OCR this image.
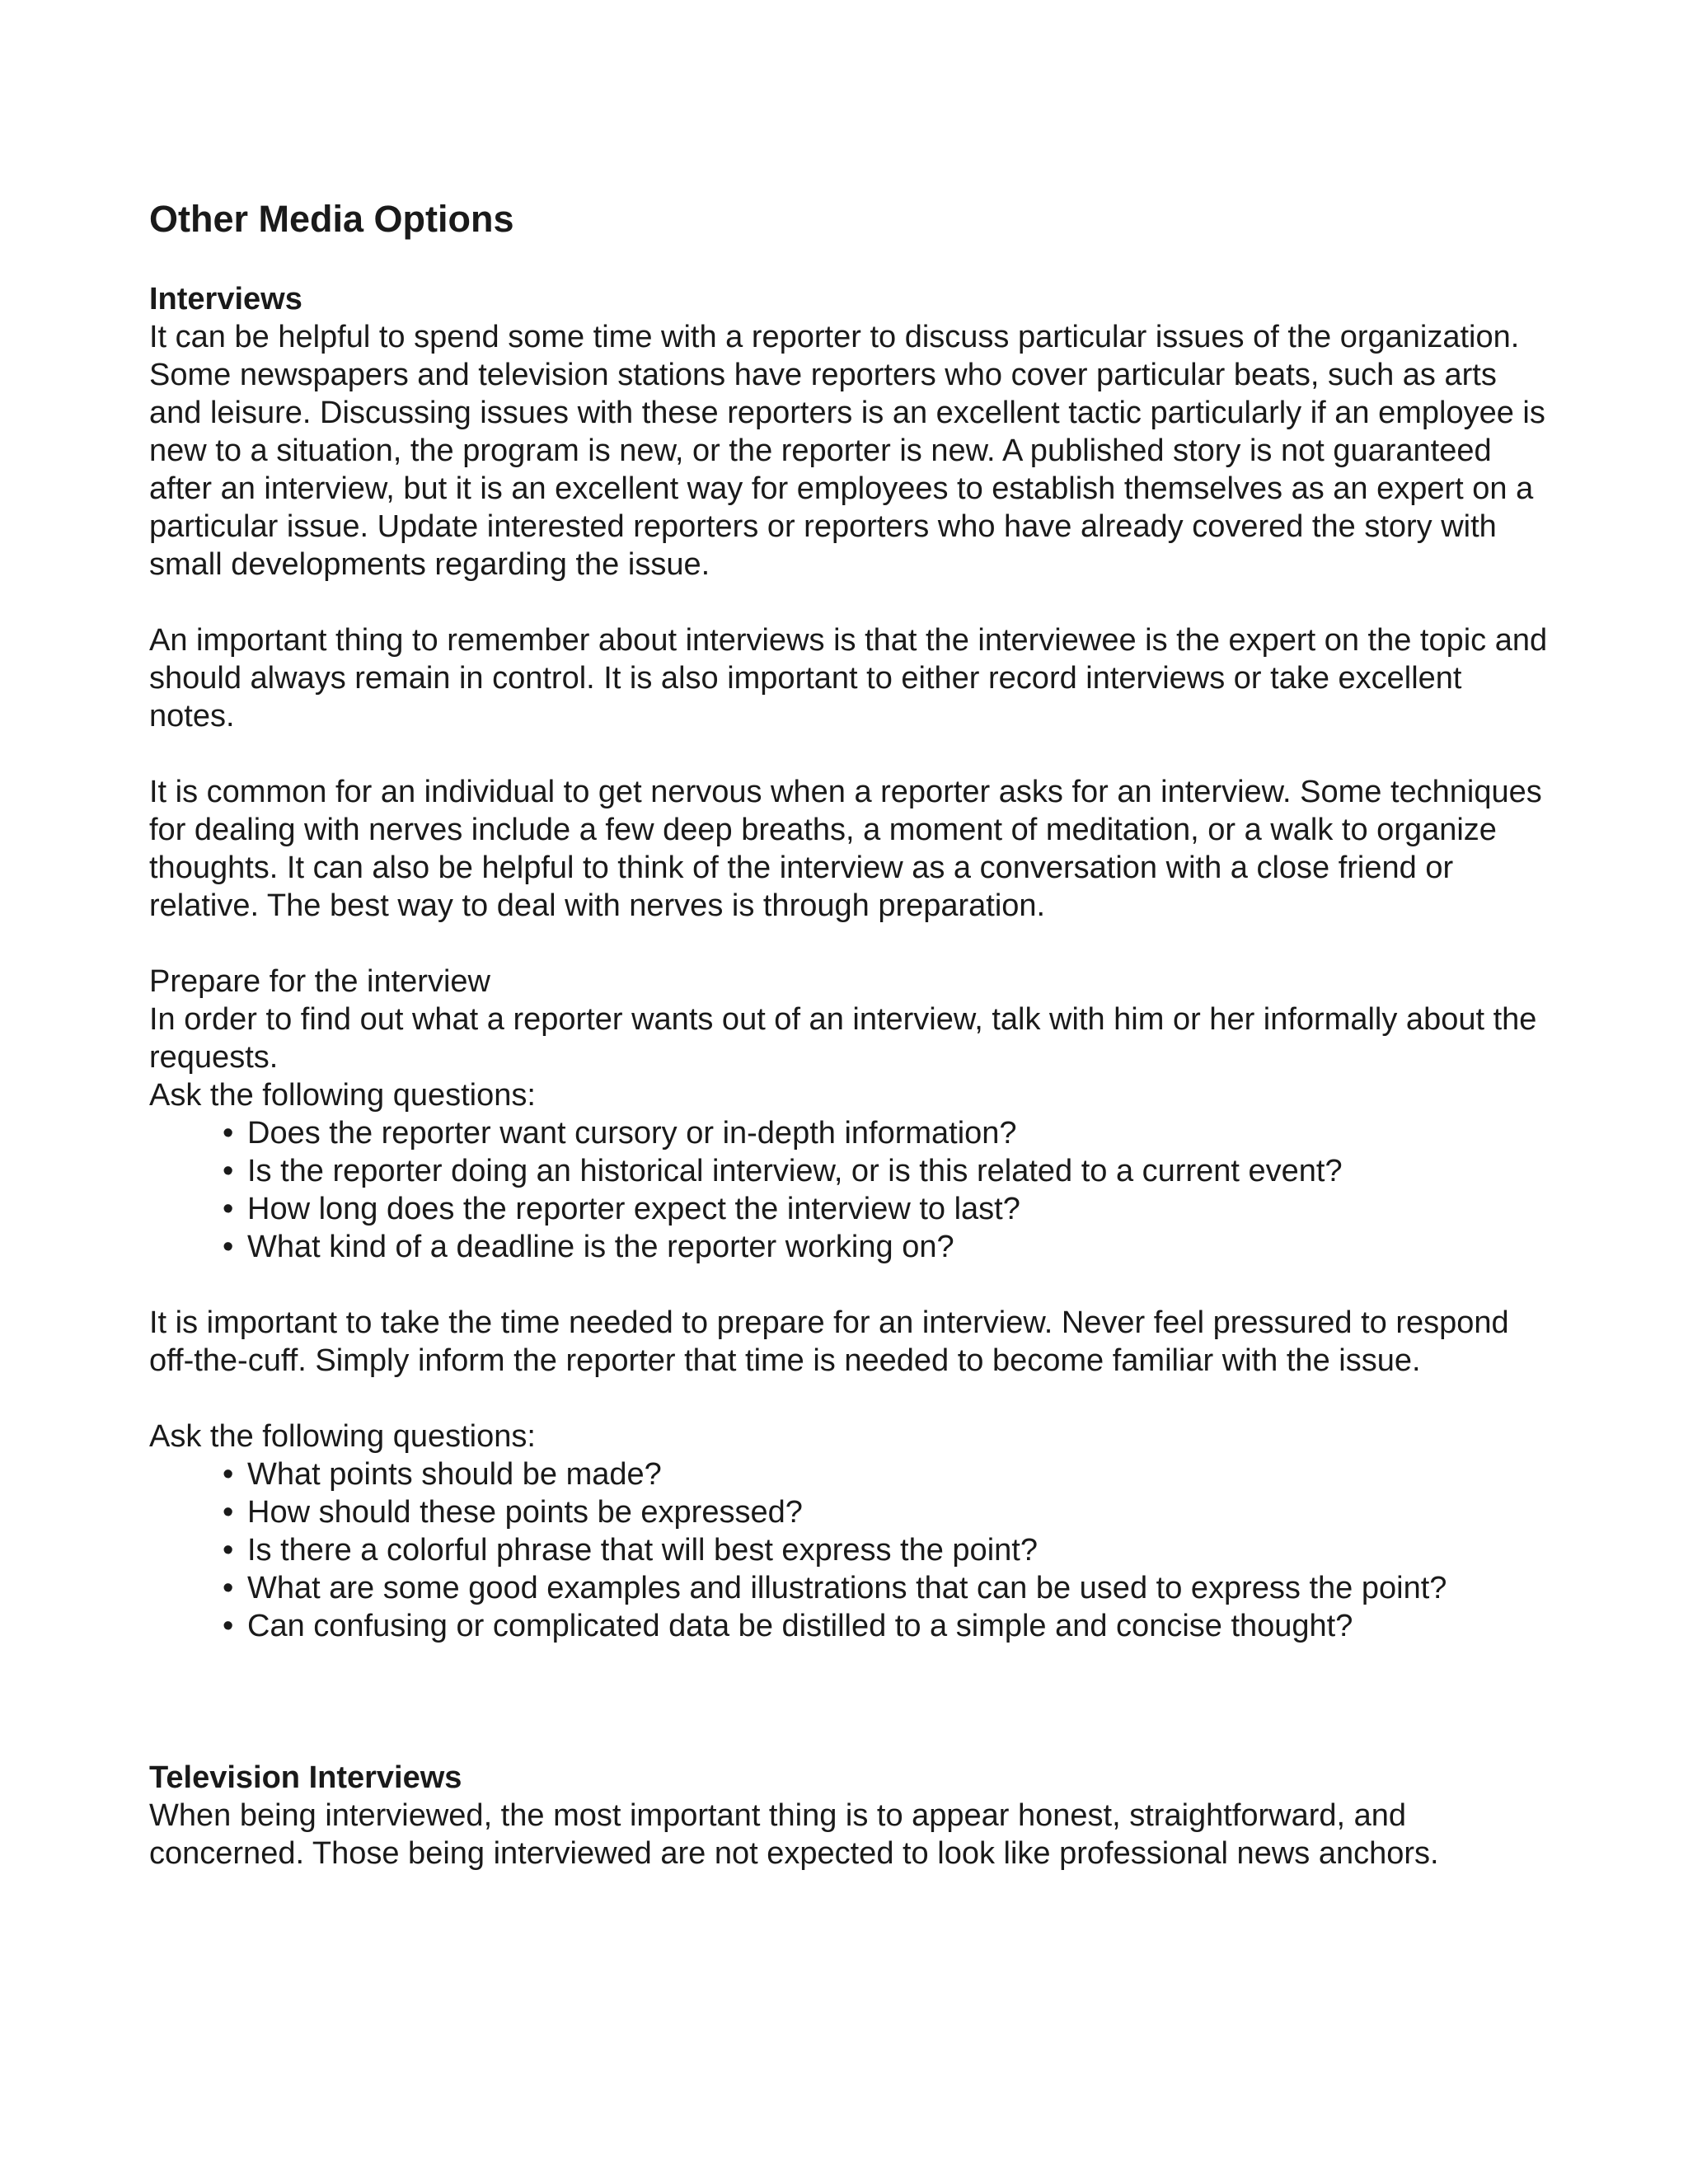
Other Media Options
Interviews

It can be helpful to spend some time with a reporter to discuss particular issues of the organization. Some newspapers and television stations have reporters who cover particular beats, such as arts and leisure. Discussing issues with these reporters is an excellent tactic particularly if an employee is new to a situation, the program is new, or the reporter is new. A published story is not guaranteed after an interview, but it is an excellent way for employees to establish themselves as an expert on a particular issue. Update interested reporters or reporters who have already covered the story with small developments regarding the issue.

An important thing to remember about interviews is that the interviewee is the expert on the topic and should always remain in control. It is also important to either record interviews or take excellent notes.

It is common for an individual to get nervous when a reporter asks for an interview. Some techniques for dealing with nerves include a few deep breaths, a moment of meditation, or a walk to organize thoughts. It can also be helpful to think of the interview as a conversation with a close friend or relative. The best way to deal with nerves is through preparation.

Prepare for the interview

In order to find out what a reporter wants out of an interview, talk with him or her informally about the requests.

Ask the following questions:
• Does the reporter want cursory or in-depth information?
• Is the reporter doing an historical interview, or is this related to a current event?
• How long does the reporter expect the interview to last?
• What kind of a deadline is the reporter working on?

It is important to take the time needed to prepare for an interview. Never feel pressured to respond off-the-cuff. Simply inform the reporter that time is needed to become familiar with the issue.

Ask the following questions:
• What points should be made?
• How should these points be expressed?
• Is there a colorful phrase that will best express the point?
• What are some good examples and illustrations that can be used to express the point?
• Can confusing or complicated data be distilled to a simple and concise thought?
Television Interviews

When being interviewed, the most important thing is to appear honest, straightforward, and concerned. Those being interviewed are not expected to look like professional news anchors.
